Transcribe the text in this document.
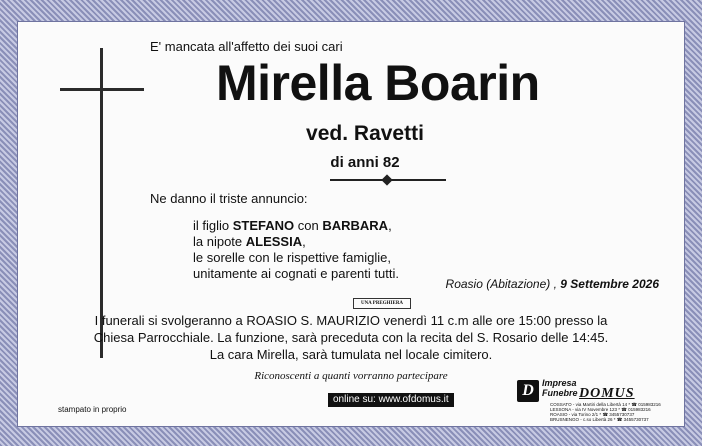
E' mancata all'affetto dei suoi cari
Mirella Boarin
ved. Ravetti
di anni 82
Ne danno il triste annuncio:
il figlio STEFANO con BARBARA,
la nipote ALESSIA,
le sorelle con le rispettive famiglie,
unitamente ai cognati e parenti tutti.
Roasio (Abitazione) , 9 Settembre 2026
UNA PREGHIERA
I funerali si svolgeranno a ROASIO S. MAURIZIO venerdì 11 c.m alle ore 15:00 presso la
Chiesa Parrocchiale. La funzione, sarà preceduta con la recita del S. Rosario delle 14:45.
La cara Mirella, sarà tumulata nel locale cimitero.
Riconoscenti a quanti vorranno partecipare
online su: www.ofdomus.it
stampato in proprio
D Impresa
Funebre DOMUS
COSSATO - via Martiri della Libertà 14 * ☎ 015983216
LESSONA - via IV Novembre 123 * ☎ 015983216
ROASIO - via Torino 2/1 * ☎ 3455730737
BRUSNENGO - c.so Libertà 26 * ☎ 3455730737
